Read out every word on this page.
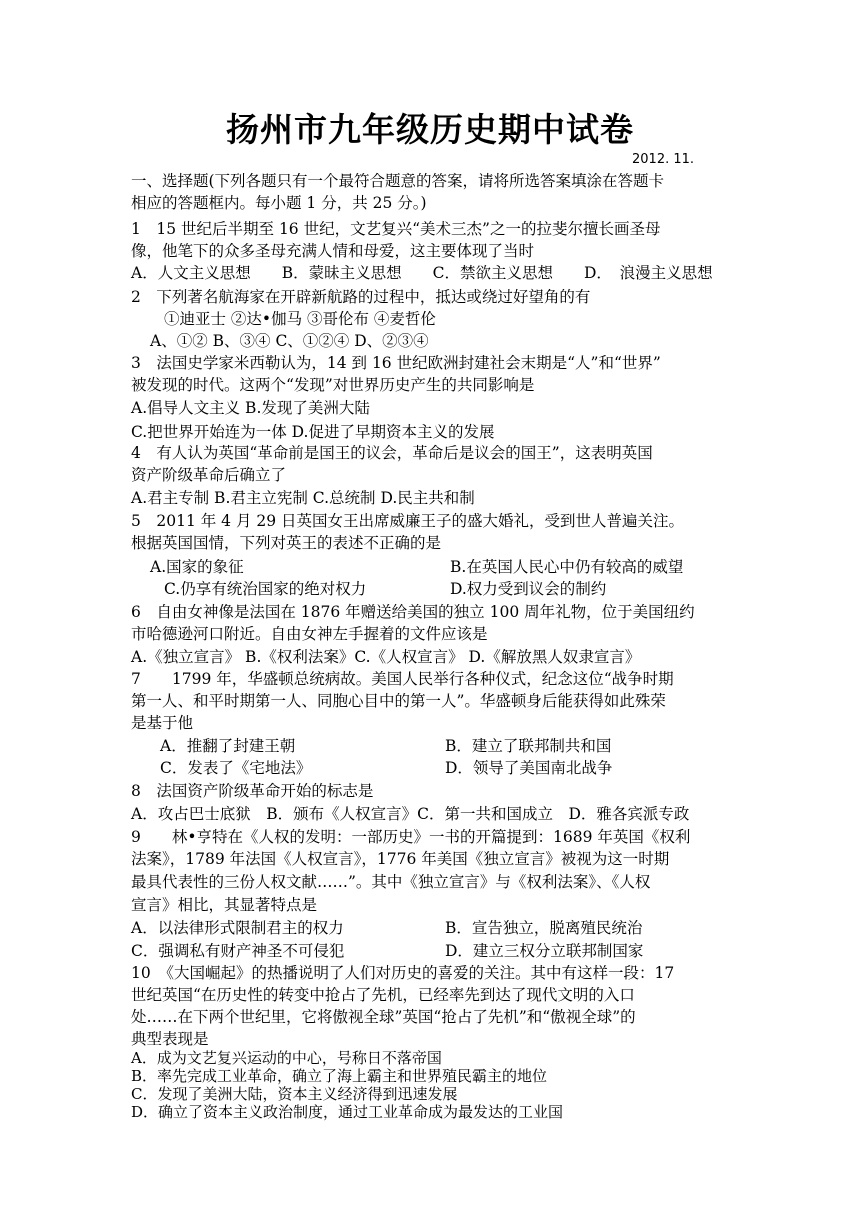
扬州市九年级历史期中试卷
2012. 11.
一、选择题(下列各题只有一个最符合题意的答案，请将所选答案填涂在答题卡
相应的答题框内。每小题 1 分，共 25 分。)
1　15 世纪后半期至 16 世纪，文艺复兴“美术三杰”之一的拉斐尔擅长画圣母
像，他笔下的众多圣母充满人情和母爱，这主要体现了当时
A．人文主义思想　　B．蒙昧主义思想　　C．禁欲主义思想　　D．　浪漫主义思想
2　下列著名航海家在开辟新航路的过程中，抵达或绕过好望角的有
①迪亚士 ②达•伽马 ③哥伦布 ④麦哲伦
A、①② B、③④ C、①②④ D、②③④
3　法国史学家米西勒认为，14 到 16 世纪欧洲封建社会末期是“人”和“世界”
被发现的时代。这两个“发现”对世界历史产生的共同影响是
A.倡导人文主义 B.发现了美洲大陆
C.把世界开始连为一体 D.促进了早期资本主义的发展
4　有人认为英国“革命前是国王的议会，革命后是议会的国王”，这表明英国
资产阶级革命后确立了
A.君主专制 B.君主立宪制 C.总统制 D.民主共和制
5　2011 年 4 月 29 日英国女王出席威廉王子的盛大婚礼，受到世人普遍关注。
根据英国国情，下列对英王的表述不正确的是
A.国家的象征	B.在英国人民心中仍有较高的威望
C.仍享有统治国家的绝对权力	D.权力受到议会的制约
6　自由女神像是法国在 1876 年赠送给美国的独立 100 周年礼物，位于美国纽约
市哈德逊河口附近。自由女神左手握着的文件应该是
A.《独立宣言》 B.《权利法案》C.《人权宣言》 D.《解放黑人奴隶宣言》
7　　1799 年，华盛顿总统病故。美国人民举行各种仪式，纪念这位“战争时期
第一人、和平时期第一人、同胞心目中的第一人”。华盛顿身后能获得如此殊荣
是基于他
A．推翻了封建王朝	B．建立了联邦制共和国
C．发表了《宅地法》	D．领导了美国南北战争
8　法国资产阶级革命开始的标志是
A．攻占巴士底狱　B．颁布《人权宣言》C．第一共和国成立　D．雅各宾派专政
9　　林•亨特在《人权的发明：一部历史》一书的开篇提到：1689 年英国《权利
法案》，1789 年法国《人权宣言》，1776 年美国《独立宣言》被视为这一时期
最具代表性的三份人权文献……”。其中《独立宣言》与《权利法案》、《人权
宣言》相比，其显著特点是
A．以法律形式限制君主的权力	B．宣告独立，脱离殖民统治
C．强调私有财产神圣不可侵犯	D．建立三权分立联邦制国家
10　《大国崛起》的热播说明了人们对历史的喜爱的关注。其中有这样一段：17
世纪英国“在历史性的转变中抢占了先机，已经率先到达了现代文明的入口
处……在下两个世纪里，它将傲视全球”英国“抢占了先机”和“傲视全球”的
典型表现是
A．成为文艺复兴运动的中心，号称日不落帝国
B．率先完成工业革命，确立了海上霸主和世界殖民霸主的地位
C．发现了美洲大陆，资本主义经济得到迅速发展
D．确立了资本主义政治制度，通过工业革命成为最发达的工业国
